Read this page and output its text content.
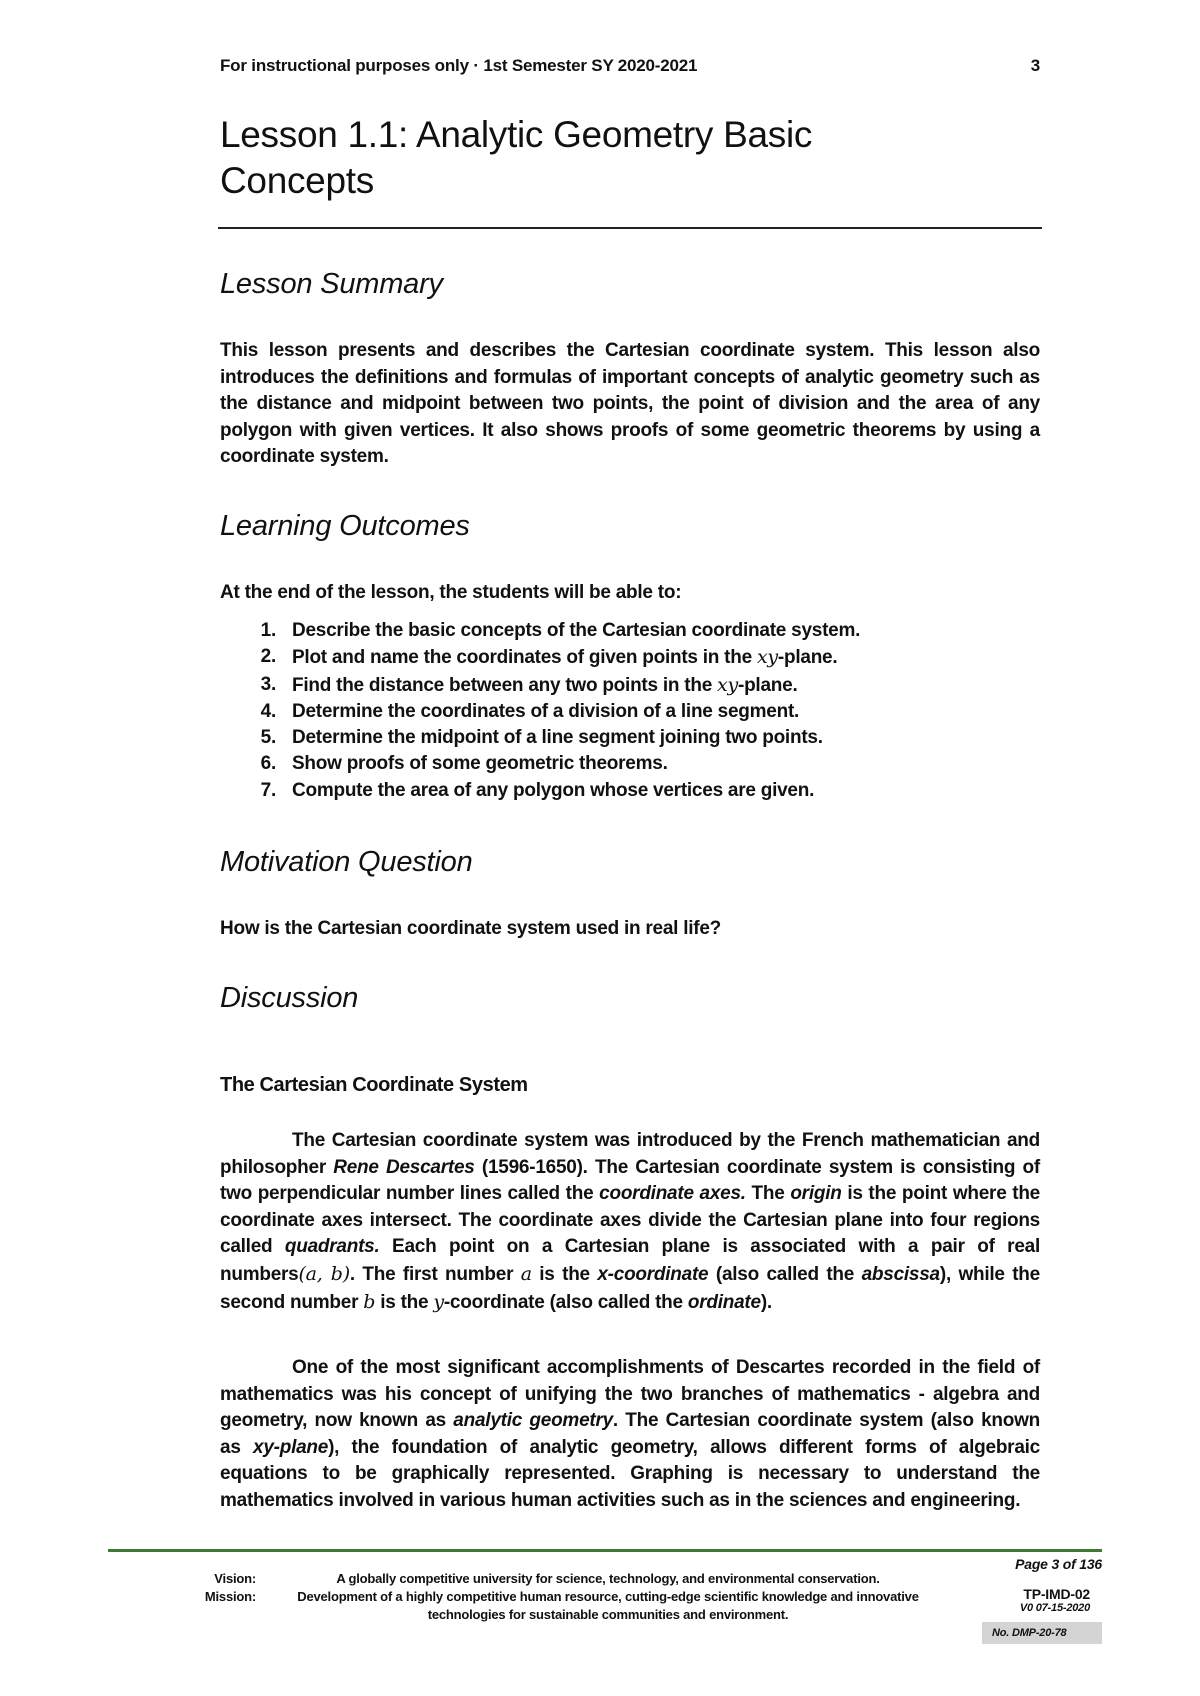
For instructional purposes only · 1st Semester SY 2020-2021	3
Lesson 1.1: Analytic Geometry Basic
Concepts
Lesson Summary

This lesson presents and describes the Cartesian coordinate system. This lesson also introduces the definitions and formulas of important concepts of analytic geometry such as the distance and midpoint between two points, the point of division and the area of any polygon with given vertices. It also shows proofs of some geometric theorems by using a coordinate system.

Learning Outcomes

At the end of the lesson, the students will be able to:

1. Describe the basic concepts of the Cartesian coordinate system.
2. Plot and name the coordinates of given points in the xy-plane.
3. Find the distance between any two points in the xy-plane.
4. Determine the coordinates of a division of a line segment.
5. Determine the midpoint of a line segment joining two points.
6. Show proofs of some geometric theorems.
7. Compute the area of any polygon whose vertices are given.
Motivation Question

How is the Cartesian coordinate system used in real life?

Discussion
The Cartesian Coordinate System

The Cartesian coordinate system was introduced by the French mathematician and philosopher Rene Descartes (1596-1650). The Cartesian coordinate system is consisting of two perpendicular number lines called the coordinate axes. The origin is the point where the coordinate axes intersect. The coordinate axes divide the Cartesian plane into four regions called quadrants. Each point on a Cartesian plane is associated with a pair of real numbers(a, b). The first number a is the x-coordinate (also called the abscissa), while the second number b is the y-coordinate (also called the ordinate).

One of the most significant accomplishments of Descartes recorded in the field of mathematics was his concept of unifying the two branches of mathematics - algebra and geometry, now known as analytic geometry. The Cartesian coordinate system (also known as xy-plane), the foundation of analytic geometry, allows different forms of algebraic equations to be graphically represented. Graphing is necessary to understand the mathematics involved in various human activities such as in the sciences and engineering.

Vision:
Mission:
A globally competitive university for science, technology, and environmental conservation.
Development of a highly competitive human resource, cutting-edge scientific knowledge and innovative technologies for sustainable communities and environment.
Page 3 of 136
TP-IMD-02
V0 07-15-2020
No. DMP-20-78
